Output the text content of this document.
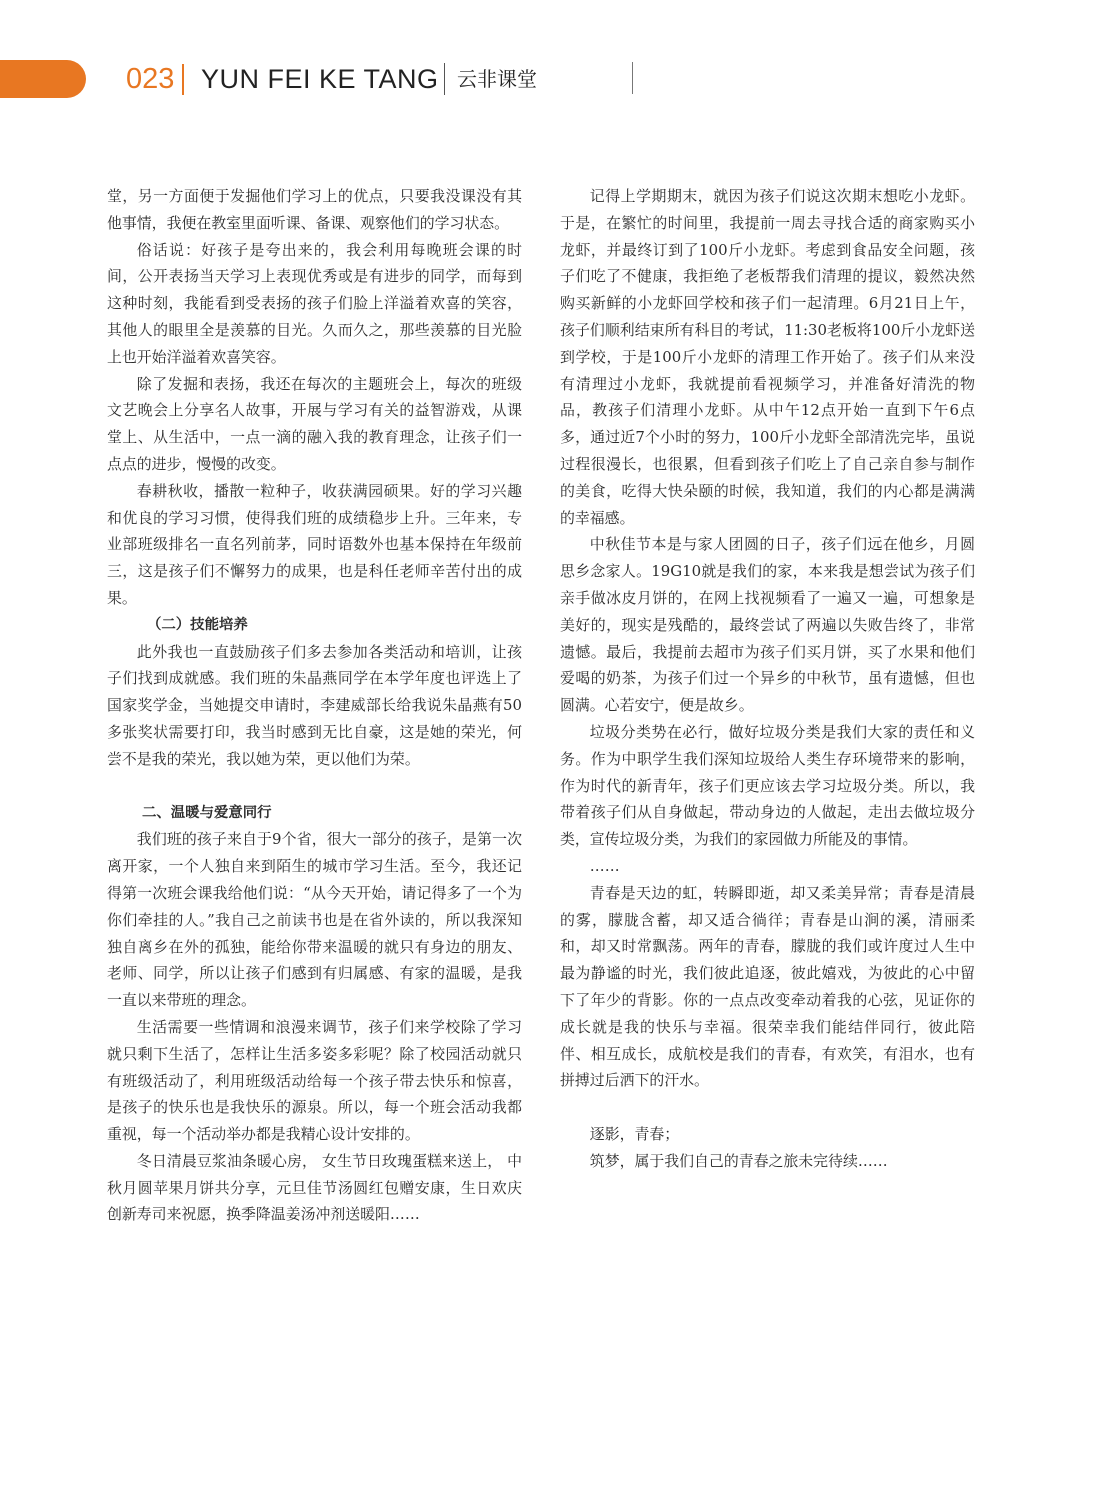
023 YUN FEI KE TANG 云非课堂

堂，另一方面便于发掘他们学习上的优点，只要我没课没有其他事情，我便在教室里面听课、备课、观察他们的学习状态。

俗话说：好孩子是夸出来的，我会利用每晚班会课的时间，公开表扬当天学习上表现优秀或是有进步的同学，而每到这种时刻，我能看到受表扬的孩子们脸上洋溢着欢喜的笑容，其他人的眼里全是羡慕的目光。久而久之，那些羡慕的目光脸上也开始洋溢着欢喜笑容。

除了发掘和表扬，我还在每次的主题班会上，每次的班级文艺晚会上分享名人故事，开展与学习有关的益智游戏，从课堂上、从生活中，一点一滴的融入我的教育理念，让孩子们一点点的进步，慢慢的改变。

春耕秋收，播散一粒种子，收获满园硕果。好的学习兴趣和优良的学习习惯，使得我们班的成绩稳步上升。三年来，专业部班级排名一直名列前茅，同时语数外也基本保持在年级前三，这是孩子们不懈努力的成果，也是科任老师辛苦付出的成果。

（二）技能培养

此外我也一直鼓励孩子们多去参加各类活动和培训，让孩子们找到成就感。我们班的朱晶燕同学在本学年度也评选上了国家奖学金，当她提交申请时，李建威部长给我说朱晶燕有50多张奖状需要打印，我当时感到无比自豪，这是她的荣光，何尝不是我的荣光，我以她为荣，更以他们为荣。

二、温暖与爱意同行

我们班的孩子来自于9个省，很大一部分的孩子，是第一次离开家，一个人独自来到陌生的城市学习生活。至今，我还记得第一次班会课我给他们说：“从今天开始，请记得多了一个为你们牵挂的人。”我自己之前读书也是在省外读的，所以我深知独自离乡在外的孤独，能给你带来温暖的就只有身边的朋友、老师、同学，所以让孩子们感到有归属感、有家的温暖，是我一直以来带班的理念。

生活需要一些情调和浪漫来调节，孩子们来学校除了学习就只剩下生活了，怎样让生活多姿多彩呢？除了校园活动就只有班级活动了，利用班级活动给每一个孩子带去快乐和惊喜，是孩子的快乐也是我快乐的源泉。所以，每一个班会活动我都重视，每一个活动举办都是我精心设计安排的。

冬日清晨豆浆油条暖心房， 女生节日玫瑰蛋糕来送上， 中秋月圆苹果月饼共分享，元旦佳节汤圆红包赠安康，生日欢庆创新寿司来祝愿，换季降温姜汤冲剂送暖阳……

记得上学期期末，就因为孩子们说这次期末想吃小龙虾。于是，在繁忙的时间里，我提前一周去寻找合适的商家购买小龙虾，并最终订到了100斤小龙虾。考虑到食品安全问题，孩子们吃了不健康，我拒绝了老板帮我们清理的提议，毅然决然购买新鲜的小龙虾回学校和孩子们一起清理。6月21日上午，孩子们顺利结束所有科目的考试，11:30老板将100斤小龙虾送到学校，于是100斤小龙虾的清理工作开始了。孩子们从来没有清理过小龙虾，我就提前看视频学习，并准备好清洗的物品，教孩子们清理小龙虾。从中午12点开始一直到下午6点多，通过近7个小时的努力，100斤小龙虾全部清洗完毕，虽说过程很漫长，也很累，但看到孩子们吃上了自己亲自参与制作的美食，吃得大快朵颐的时候，我知道，我们的内心都是满满的幸福感。

中秋佳节本是与家人团圆的日子，孩子们远在他乡，月圆思乡念家人。19G10就是我们的家，本来我是想尝试为孩子们亲手做冰皮月饼的，在网上找视频看了一遍又一遍，可想象是美好的，现实是残酷的，最终尝试了两遍以失败告终了，非常遗憾。最后，我提前去超市为孩子们买月饼，买了水果和他们爱喝的奶茶，为孩子们过一个异乡的中秋节，虽有遗憾，但也圆满。心若安宁，便是故乡。

垃圾分类势在必行，做好垃圾分类是我们大家的责任和义务。作为中职学生我们深知垃圾给人类生存环境带来的影响，作为时代的新青年，孩子们更应该去学习垃圾分类。所以，我带着孩子们从自身做起，带动身边的人做起，走出去做垃圾分类，宣传垃圾分类，为我们的家园做力所能及的事情。

……

青春是天边的虹，转瞬即逝，却又柔美异常；青春是清晨的雾，朦胧含蓄，却又适合徜徉；青春是山涧的溪，清丽柔和，却又时常飘荡。两年的青春，朦胧的我们或许度过人生中最为静谧的时光，我们彼此追逐，彼此嬉戏，为彼此的心中留下了年少的背影。你的一点点改变牵动着我的心弦，见证你的成长就是我的快乐与幸福。很荣幸我们能结伴同行，彼此陪伴、相互成长，成航校是我们的青春，有欢笑，有泪水，也有拼搏过后洒下的汗水。

逐影，青春；

筑梦，属于我们自己的青春之旅未完待续……
